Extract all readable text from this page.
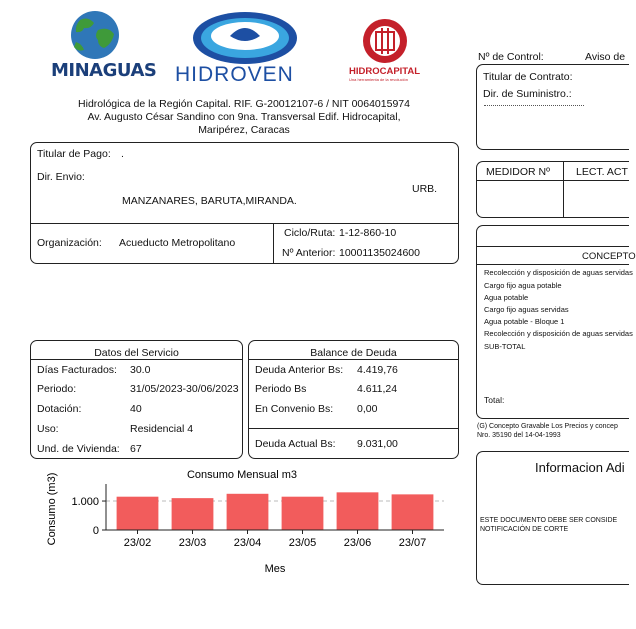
MINAGUAS HIDROVEN	HIDROCAPITAL
Una herramienta de la revolución
Hidrológica de la Región Capital. RIF. G-20012107-6 / NIT 0064015974
Av. Augusto César Sandino con 9na. Transversal Edif. Hidrocapital,
Maripérez, Caracas
Titular de Pago: .
Dir. Envio:
URB.
MANZANARES, BARUTA,MIRANDA.
Organización: Acueducto Metropolitano
Ciclo/Ruta: 1-12-860-10
Nº Anterior: 10001135024600
Datos del Servicio
Días Facturados: 30.0
Periodo:	31/05/2023-30/06/2023
Dotación:	40
Uso:	Residencial 4
Und. de Vivienda: 67
Balance de Deuda
Deuda Anterior Bs: 4.419,76
Periodo Bs	4.611,24
En Convenio Bs: 0,00
Deuda Actual Bs: 9.031,00
Consumo Mensual m3
Consumo (m3)
Mes
0
1.000
23/02 23/03 23/04 23/05 23/06 23/07
Nº de Control:	Aviso de
Titular de Contrato:
Dir. de Suministro.:
MEDIDOR Nº LECT. ACT
CONCEPTO
Recolección y disposición de aguas servidas
Cargo fijo agua potable
Agua potable
Cargo fijo aguas servidas
Agua potable - Bloque 1
Recolección y disposición de aguas servidas
SUB-TOTAL
Total:
(G) Concepto Gravable Los Precios y concep
Nro. 35190 del 14-04-1993
Informacion Adi
ESTE DOCUMENTO DEBE SER CONSIDE
NOTIFICACIÓN DE CORTE
